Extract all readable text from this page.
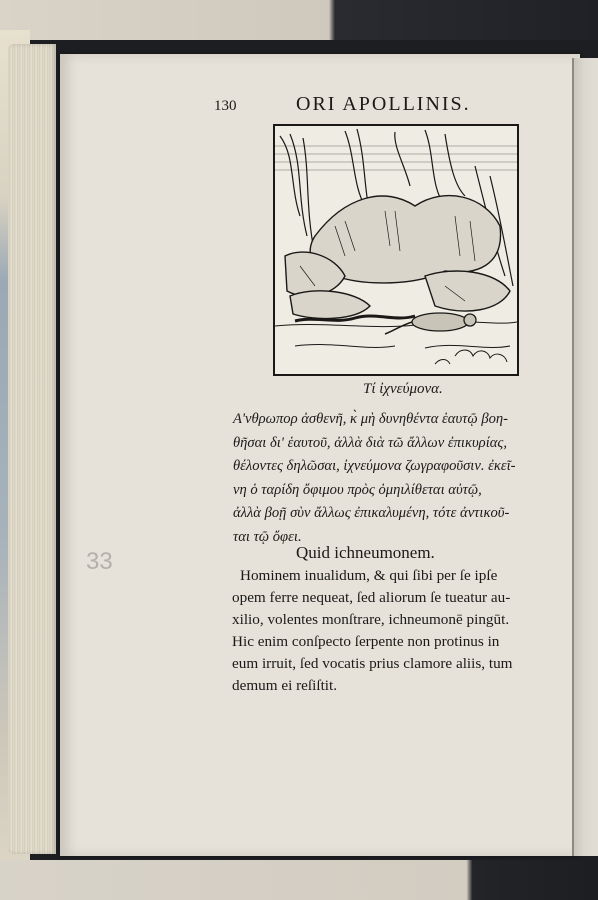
130	ORI APOLLINIS.
Τί ἰχνεύμονα.
Α'νθρωπορ ἀσθενῆ, κ̀ μὴ δυνηθέντα ἑαυτῷ βοη-
θῆσαι δι' ἑαυτοῦ, ἀλλὰ διὰ τῶ ἄλλων ἐπικυρίας,
θέλοντες δηλῶσαι, ἰχνεύμονα ζωγραφοῦσιν. ἐκεῖ-
νη ὁ ταρίδη ὄφιμου πρὸς ὀμηιλίθεται αὐτῷ,
ἀλλὰ βοῇ σὺν ἄλλως ἐπικαλυμένη, τότε ἀντικοῦ-
ται τῷ ὄφει.
Quid ichneumonem.
Hominem inualidum, & qui ſibi per ſe ipſe
opem ferre nequeat, ſed aliorum ſe tueatur au-
xilio, volentes monſtrare, ichneumonē pingūt.
Hic enim conſpecto ſerpente non protinus in
eum irruit, ſed vocatis prius clamore aliis, tum
demum ei reſiſtit.
33
